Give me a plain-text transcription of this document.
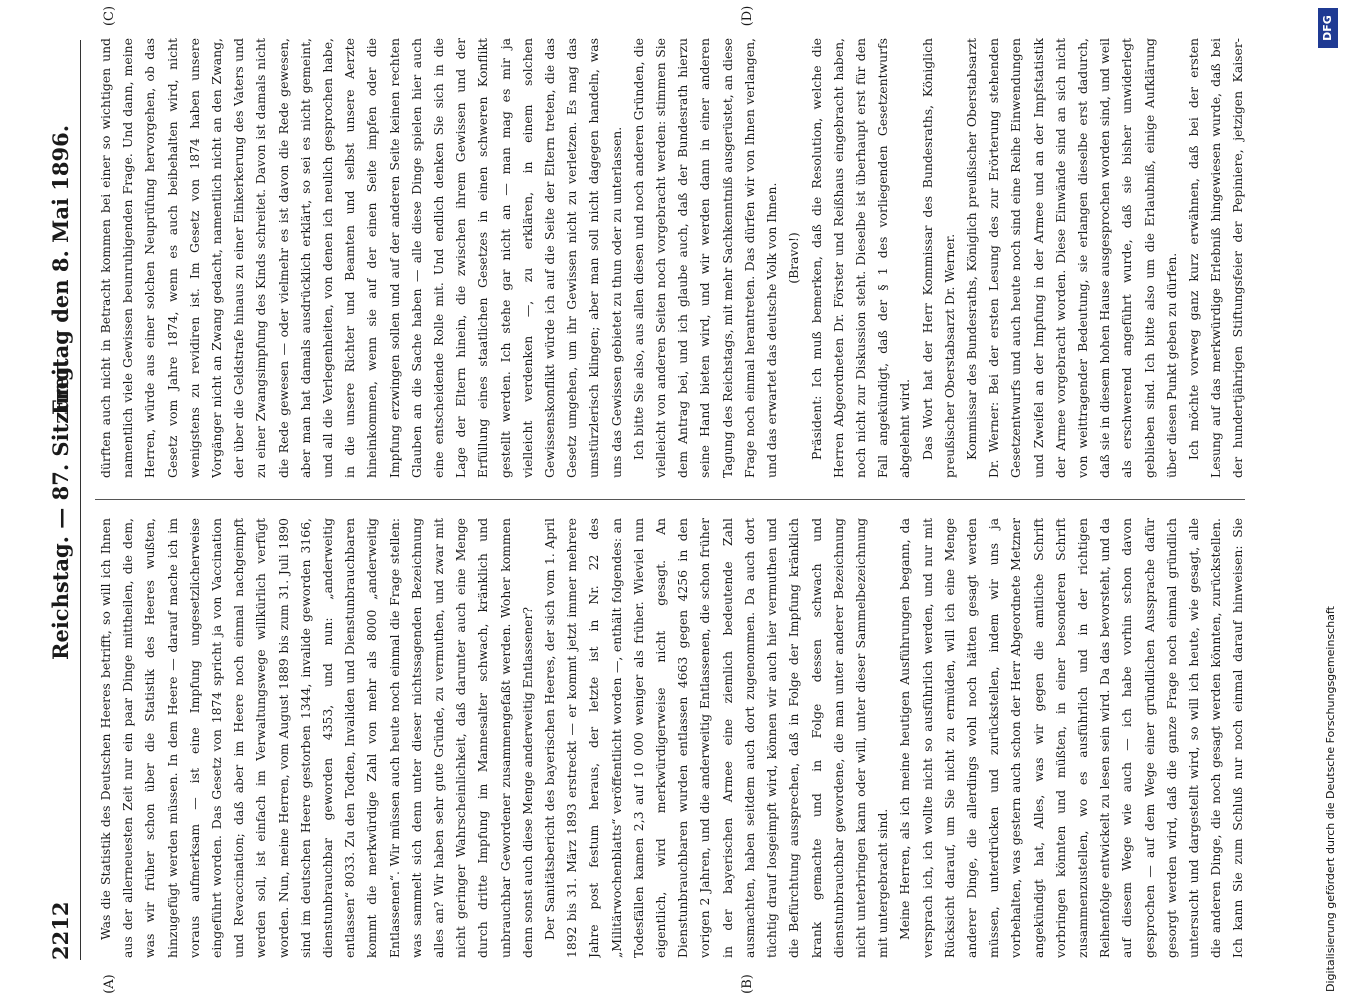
2212
Reichstag. — 87. Sitzung.
Freitag den 8. Mai 1896.
(A)	(B)
(C)	(D)

Was die Statistik des Deutschen Heeres betrifft, so will ich Ihnen aus der allerneuesten Zeit nur ein paar Dinge mittheilen, die dem, was wir früher schon über die Statistik des Heeres wußten, hinzugefügt werden müssen. In dem Heere — darauf mache ich im voraus aufmerksam — ist eine Impfung ungesetzlicherweise eingeführt worden. Das Gesetz von 1874 spricht ja von Vaccination und Revaccination; daß aber im Heere noch einmal nachgeimpft werden soll, ist einfach im Verwaltungswege willkürlich verfügt worden. Nun, meine Herren, vom August 1889 bis zum 31. Juli 1890 sind im deutschen Heere gestorben 1344, invalide geworden 3166, dienstunbrauchbar geworden 4353, und nun: „anderweitig entlassen“ 8033. Zu den Todten, Invaliden und Dienstunbrauchbaren kommt die merkwürdige Zahl von mehr als 8000 „anderweitig Entlassenen“. Wir müssen auch heute noch einmal die Frage stellen: was sammelt sich denn unter dieser nichtssagenden Bezeichnung alles an? Wir haben sehr gute Gründe, zu vermuthen, und zwar mit nicht geringer Wahrscheinlichkeit, daß darunter auch eine Menge durch dritte Impfung im Mannesalter schwach, kränklich und unbrauchbar Gewordener zusammengefaßt werden. Woher kommen denn sonst auch diese Menge anderweitig Entlassener? Der Sanitätsbericht des bayerischen Heeres, der sich vom 1. April 1892 bis 31. März 1893 erstreckt — er kommt jetzt immer mehrere Jahre post festum heraus, der letzte ist in Nr. 22 des „Militärwochenblatts“ veröffentlicht worden —, enthält folgendes: an Todesfällen kamen 2,3 auf 10 000 weniger als früher. Wieviel nun eigentlich, wird merkwürdigerweise nicht gesagt. An Dienstunbrauchbaren wurden entlassen 4663 gegen 4256 in den vorigen 2 Jahren, und die anderweitig Entlassenen, die schon früher in der bayerischen Armee eine ziemlich bedeutende Zahl ausmachten, haben seitdem auch dort zugenommen. Da auch dort tüchtig drauf losgeimpft wird, können wir auch hier vermuthen und die Befürchtung aussprechen, daß in Folge der Impfung kränklich krank gemachte und in Folge dessen schwach und dienstunbrauchbar gewordene, die man unter anderer Bezeichnung nicht unterbringen kann oder will, unter dieser Sammelbezeichnung mit untergebracht sind. Meine Herren, als ich meine heutigen Ausführungen begann, da versprach ich, ich wollte nicht so ausführlich werden, und nur mit Rücksicht darauf, um Sie nicht zu ermüden, will ich eine Menge anderer Dinge, die allerdings wohl noch hätten gesagt werden müssen, unterdrücken und zurückstellen, indem wir uns ja vorbehalten, was gestern auch schon der Herr Abgeordnete Metzner angekündigt hat, Alles, was wir gegen die amtliche Schrift vorbringen könnten und müßten, in einer besonderen Schrift zusammenzustellen, wo es ausführlich und in der richtigen Reihenfolge entwickelt zu lesen sein wird. Da das bevorsteht, und da auf diesem Wege wie auch — ich habe vorhin schon davon gesprochen — auf dem Wege einer gründlichen Aussprache dafür gesorgt werden wird, daß die ganze Frage noch einmal gründlich untersucht und dargestellt wird, so will ich heute, wie gesagt, alle die anderen Dinge, die noch gesagt werden könnten, zurückstellen. Ich kann Sie zum Schluß nur noch einmal darauf hinweisen: Sie

dürften auch nicht in Betracht kommen bei einer so wichtigen und namentlich viele Gewissen beunruhigenden Frage. Und dann, meine Herren, würde aus einer solchen Neuprüfung hervorgehen, ob das Gesetz vom Jahre 1874, wenn es auch beibehalten wird, nicht wenigstens zu revidiren ist. Im Gesetz von 1874 haben unsere Vorgänger nicht an Zwang gedacht, namentlich nicht an den Zwang, der über die Geldstrafe hinaus zu einer Einkerkerung des Vaters und zu einer Zwangsimpfung des Kinds schreitet. Davon ist damals nicht die Rede gewesen — oder vielmehr es ist davon die Rede gewesen, aber man hat damals ausdrücklich erklärt, so sei es nicht gemeint, und all die Verlegenheiten, von denen ich neulich gesprochen habe, in die unsere Richter und Beamten und selbst unsere Aerzte hineinkommen, wenn sie auf der einen Seite impfen oder die Impfung erzwingen sollen und auf der anderen Seite keinen rechten Glauben an die Sache haben — alle diese Dinge spielen hier auch eine entscheidende Rolle mit. Und endlich denken Sie sich in die Lage der Eltern hinein, die zwischen ihrem Gewissen und der Erfüllung eines staatlichen Gesetzes in einen schweren Konflikt gestellt werden. Ich stehe gar nicht an — man mag es mir ja vielleicht verdenken —, zu erklären, in einem solchen Gewissenskonflikt würde ich auf die Seite der Eltern treten, die das Gesetz umgehen, um ihr Gewissen nicht zu verletzen. Es mag das umstürzlerisch klingen; aber man soll nicht dagegen handeln, was uns das Gewissen gebietet zu thun oder zu unterlassen. Ich bitte Sie also, aus allen diesen und noch anderen Gründen, die vielleicht von anderen Seiten noch vorgebracht werden: stimmen Sie dem Antrag bei, und ich glaube auch, daß der Bundesrath hierzu seine Hand bieten wird, und wir werden dann in einer anderen Tagung des Reichstags, mit mehr Sachkenntniß ausgerüstet, an diese Frage noch einmal herantreten. Das dürfen wir von Ihnen verlangen, und das erwartet das deutsche Volk von Ihnen. (Bravo!) Präsident: Ich muß bemerken, daß die Resolution, welche die Herren Abgeordneten Dr. Förster und Reißhaus eingebracht haben, noch nicht zur Diskussion steht. Dieselbe ist überhaupt erst für den Fall angekündigt, daß der § 1 des vorliegenden Gesetzentwurfs abgelehnt wird. Das Wort hat der Herr Kommissar des Bundesraths, Königlich preußischer Oberstabsarzt Dr. Werner. Kommissar des Bundesraths, Königlich preußischer Oberstabsarzt Dr. Werner: Bei der ersten Lesung des zur Erörterung stehenden Gesetzentwurfs und auch heute noch sind eine Reihe Einwendungen und Zweifel an der Impfung in der Armee und an der Impfstatistik der Armee vorgebracht worden. Diese Einwände sind an sich nicht von weittragender Bedeutung, sie erlangen dieselbe erst dadurch, daß sie in diesem hohen Hause ausgesprochen worden sind, und weil als erschwerend angeführt wurde, daß sie bisher unwiderlegt geblieben sind. Ich bitte also um die Erlaubniß, einige Aufklärung über diesen Punkt geben zu dürfen. Ich möchte vorweg ganz kurz erwähnen, daß bei der ersten Lesung auf das merkwürdige Erlebniß hingewiesen wurde, daß bei der hundertjährigen Stiftungsfeier der Pepiniere, jetzigen Kaiser-

Digitalisierung gefördert durch die Deutsche Forschungsgemeinschaft
DFG
